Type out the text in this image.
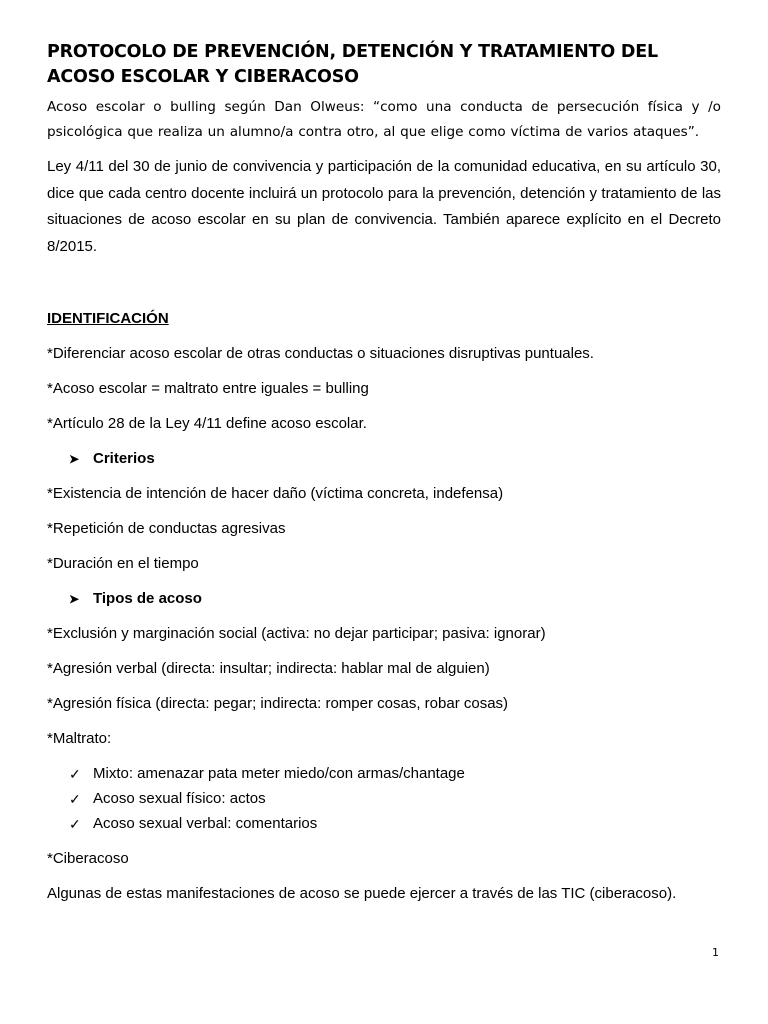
PROTOCOLO DE PREVENCIÓN, DETENCIÓN Y TRATAMIENTO DEL ACOSO ESCOLAR Y CIBERACOSO

Acoso escolar o bulling según Dan Olweus: “como una conducta de persecución física y /o psicológica que realiza un alumno/a contra otro, al que elige como víctima de varios ataques”.

Ley 4/11 del 30 de junio de convivencia y participación de la comunidad educativa, en su artículo 30, dice que cada centro docente incluirá un protocolo para la prevención, detención y tratamiento de las situaciones de acoso escolar en su plan de convivencia. También aparece explícito en el Decreto 8/2015.

IDENTIFICACIÓN

*Diferenciar acoso escolar de otras conductas o situaciones disruptivas puntuales.

*Acoso escolar = maltrato entre iguales = bulling

*Artículo 28 de la Ley 4/11 define acoso escolar.

➤ Criterios

*Existencia de intención de hacer daño (víctima concreta, indefensa)

*Repetición de conductas agresivas

*Duración en el tiempo

➤ Tipos de acoso

*Exclusión y marginación social (activa: no dejar participar; pasiva: ignorar)

*Agresión verbal (directa: insultar; indirecta: hablar mal de alguien)

*Agresión física (directa: pegar; indirecta: romper cosas, robar cosas)

*Maltrato:

✓ Mixto: amenazar pata meter miedo/con armas/chantage
✓ Acoso sexual físico: actos
✓ Acoso sexual verbal: comentarios

*Ciberacoso

Algunas de estas manifestaciones de acoso se puede ejercer a través de las TIC (ciberacoso).

1
